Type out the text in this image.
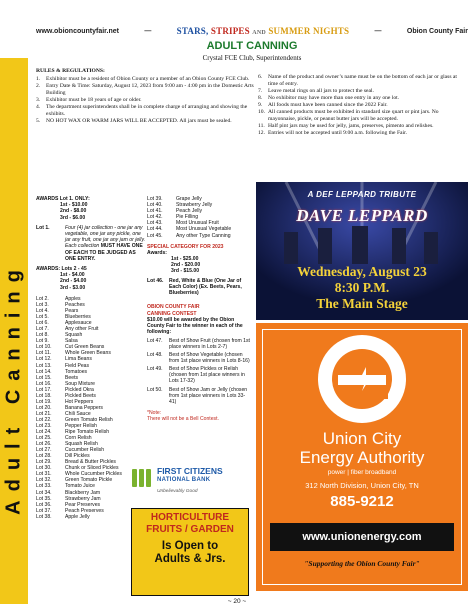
www.obioncountyfair.net	—	STARS, STRIPES AND SUMMER NIGHTS	—	Obion County Fair
Adult Canning
ADULT CANNING
Crystal FCE Club, Superintendents
RULES & REGULATIONS:
1.	Exhibitor must be a resident of Obion County or a member of an Obion County FCE Club.
2.	Entry Date & Time: Saturday, August 12, 2023 from 9:00 am - 4:00 pm in the Domestic Arts Building
3.	Exhibitor must be 18 years of age or older.
4.	The department superintendents shall be in complete charge of arranging and showing the exhibits.
5.	NO HOT WAX OR WARM JARS WILL BE ACCEPTED. All jars must be sealed.
6.	Name of the product and owner’s name must be on the bottom of each jar or glass at time of entry.
7.	Leave metal rings on all jars to protect the seal.
8.	No exhibitor may have more than one entry in any one lot.
9.	All foods must have been canned since the 2022 Fair.
10. All canned products must be exhibited in standard size quart or pint jars. No mayonnaise, pickle, or peanut butter jars will be accepted.
11. Half pint jars may be used for jelly, jams, preserves, pimento and relishes.
12. Entries will not be accepted until 9:00 a.m. following the Fair.
AWARDS Lot 1. ONLY:
1st - $10.00
2nd - $8.00
3rd - $6.00
Lot 1.	Four (4) jar collection - one jar any vegetable, one jar any pickle, one jar any fruit, one jar any jam or jelly. Each collection MUST HAVE ONE OF EACH TO BE JUDGED AS ONE ENTRY.
AWARDS: Lots 2 - 45
1st - $4.00
2nd - $4.00
3rd - $3.00
Lot 2.	Apples
Lot 3.	Peaches
Lot 4.	Pears
Lot 5.	Blueberries
Lot 6.	Applesauce
Lot 7.	Any other Fruit
Lot 8.	Squash
Lot 9.	Salsa
Lot 10.	Cut Green Beans
Lot 11.	Whole Green Beans
Lot 12.	Lima Beans
Lot 13.	Field Peas
Lot 14.	Tomatoes
Lot 15.	Beets
Lot 16.	Soup Mixture
Lot 17.	Pickled Okra
Lot 18.	Pickled Beets
Lot 19.	Hot Peppers
Lot 20.	Banana Peppers
Lot 21.	Chili Sauce
Lot 22.	Green Tomato Relish
Lot 23.	Pepper Relish
Lot 24.	Ripe Tomato Relish
Lot 25.	Corn Relish
Lot 26.	Squash Relish
Lot 27.	Cucumber Relish
Lot 28.	Dill Pickles
Lot 29.	Bread & Butter Pickles
Lot 30.	Chunk or Sliced Pickles
Lot 31.	Whole Cucumber Pickles
Lot 32.	Green Tomato Pickle
Lot 33.	Tomato Juice
Lot 34.	Blackberry Jam
Lot 35.	Strawberry Jam
Lot 36.	Pear Preserves
Lot 37.	Peach Preserves
Lot 38.	Apple Jelly
Lot 39.	Grape Jelly
Lot 40.	Strawberry Jelly
Lot 41.	Peach Jelly
Lot 42.	Pie Filling
Lot 43.	Most Unusual Fruit
Lot 44.	Most Unusual Vegetable
Lot 45.	Any other Type Canning
SPECIAL CATEGORY FOR 2023
Awards:
1st - $25.00
2nd - $20.00
3rd - $15.00
Lot 46.	Red, White & Blue (One Jar of Each Color) (Ex. Beets, Pears, Blueberries)
OBION COUNTY FAIR
CANNING CONTEST
$10.00 will be awarded by the Obion County Fair to the winner in each of the following:
Lot 47.	Best of Show Fruit (chosen from 1st place winners in Lots 2-7)
Lot 48.	Best of Show Vegetable (chosen from 1st place winners in Lots 8-16)
Lot 49.	Best of Show Pickles or Relish (chosen from 1st place winners in Lots 17-32)
Lot 50.	Best of Show Jam or Jelly (chosen from 1st place winners in Lots 33-41)
*Note:
There will not be a Bell Contest.
FIRST CITIZENS
NATIONAL BANK
Unbelievably Good
HORTICULTURE
FRUITS / GARDEN
Is Open to
Adults & Jrs.
A DEF LEPPARD TRIBUTE
DAVE LEPPARD
Wednesday, August 23
8:30 P.M.
The Main Stage
Union City
Energy Authority
power | fiber broadband
312 North Division, Union City, TN
885-9212
www.unionenergy.com
"Supporting the Obion County Fair"
~ 20 ~
